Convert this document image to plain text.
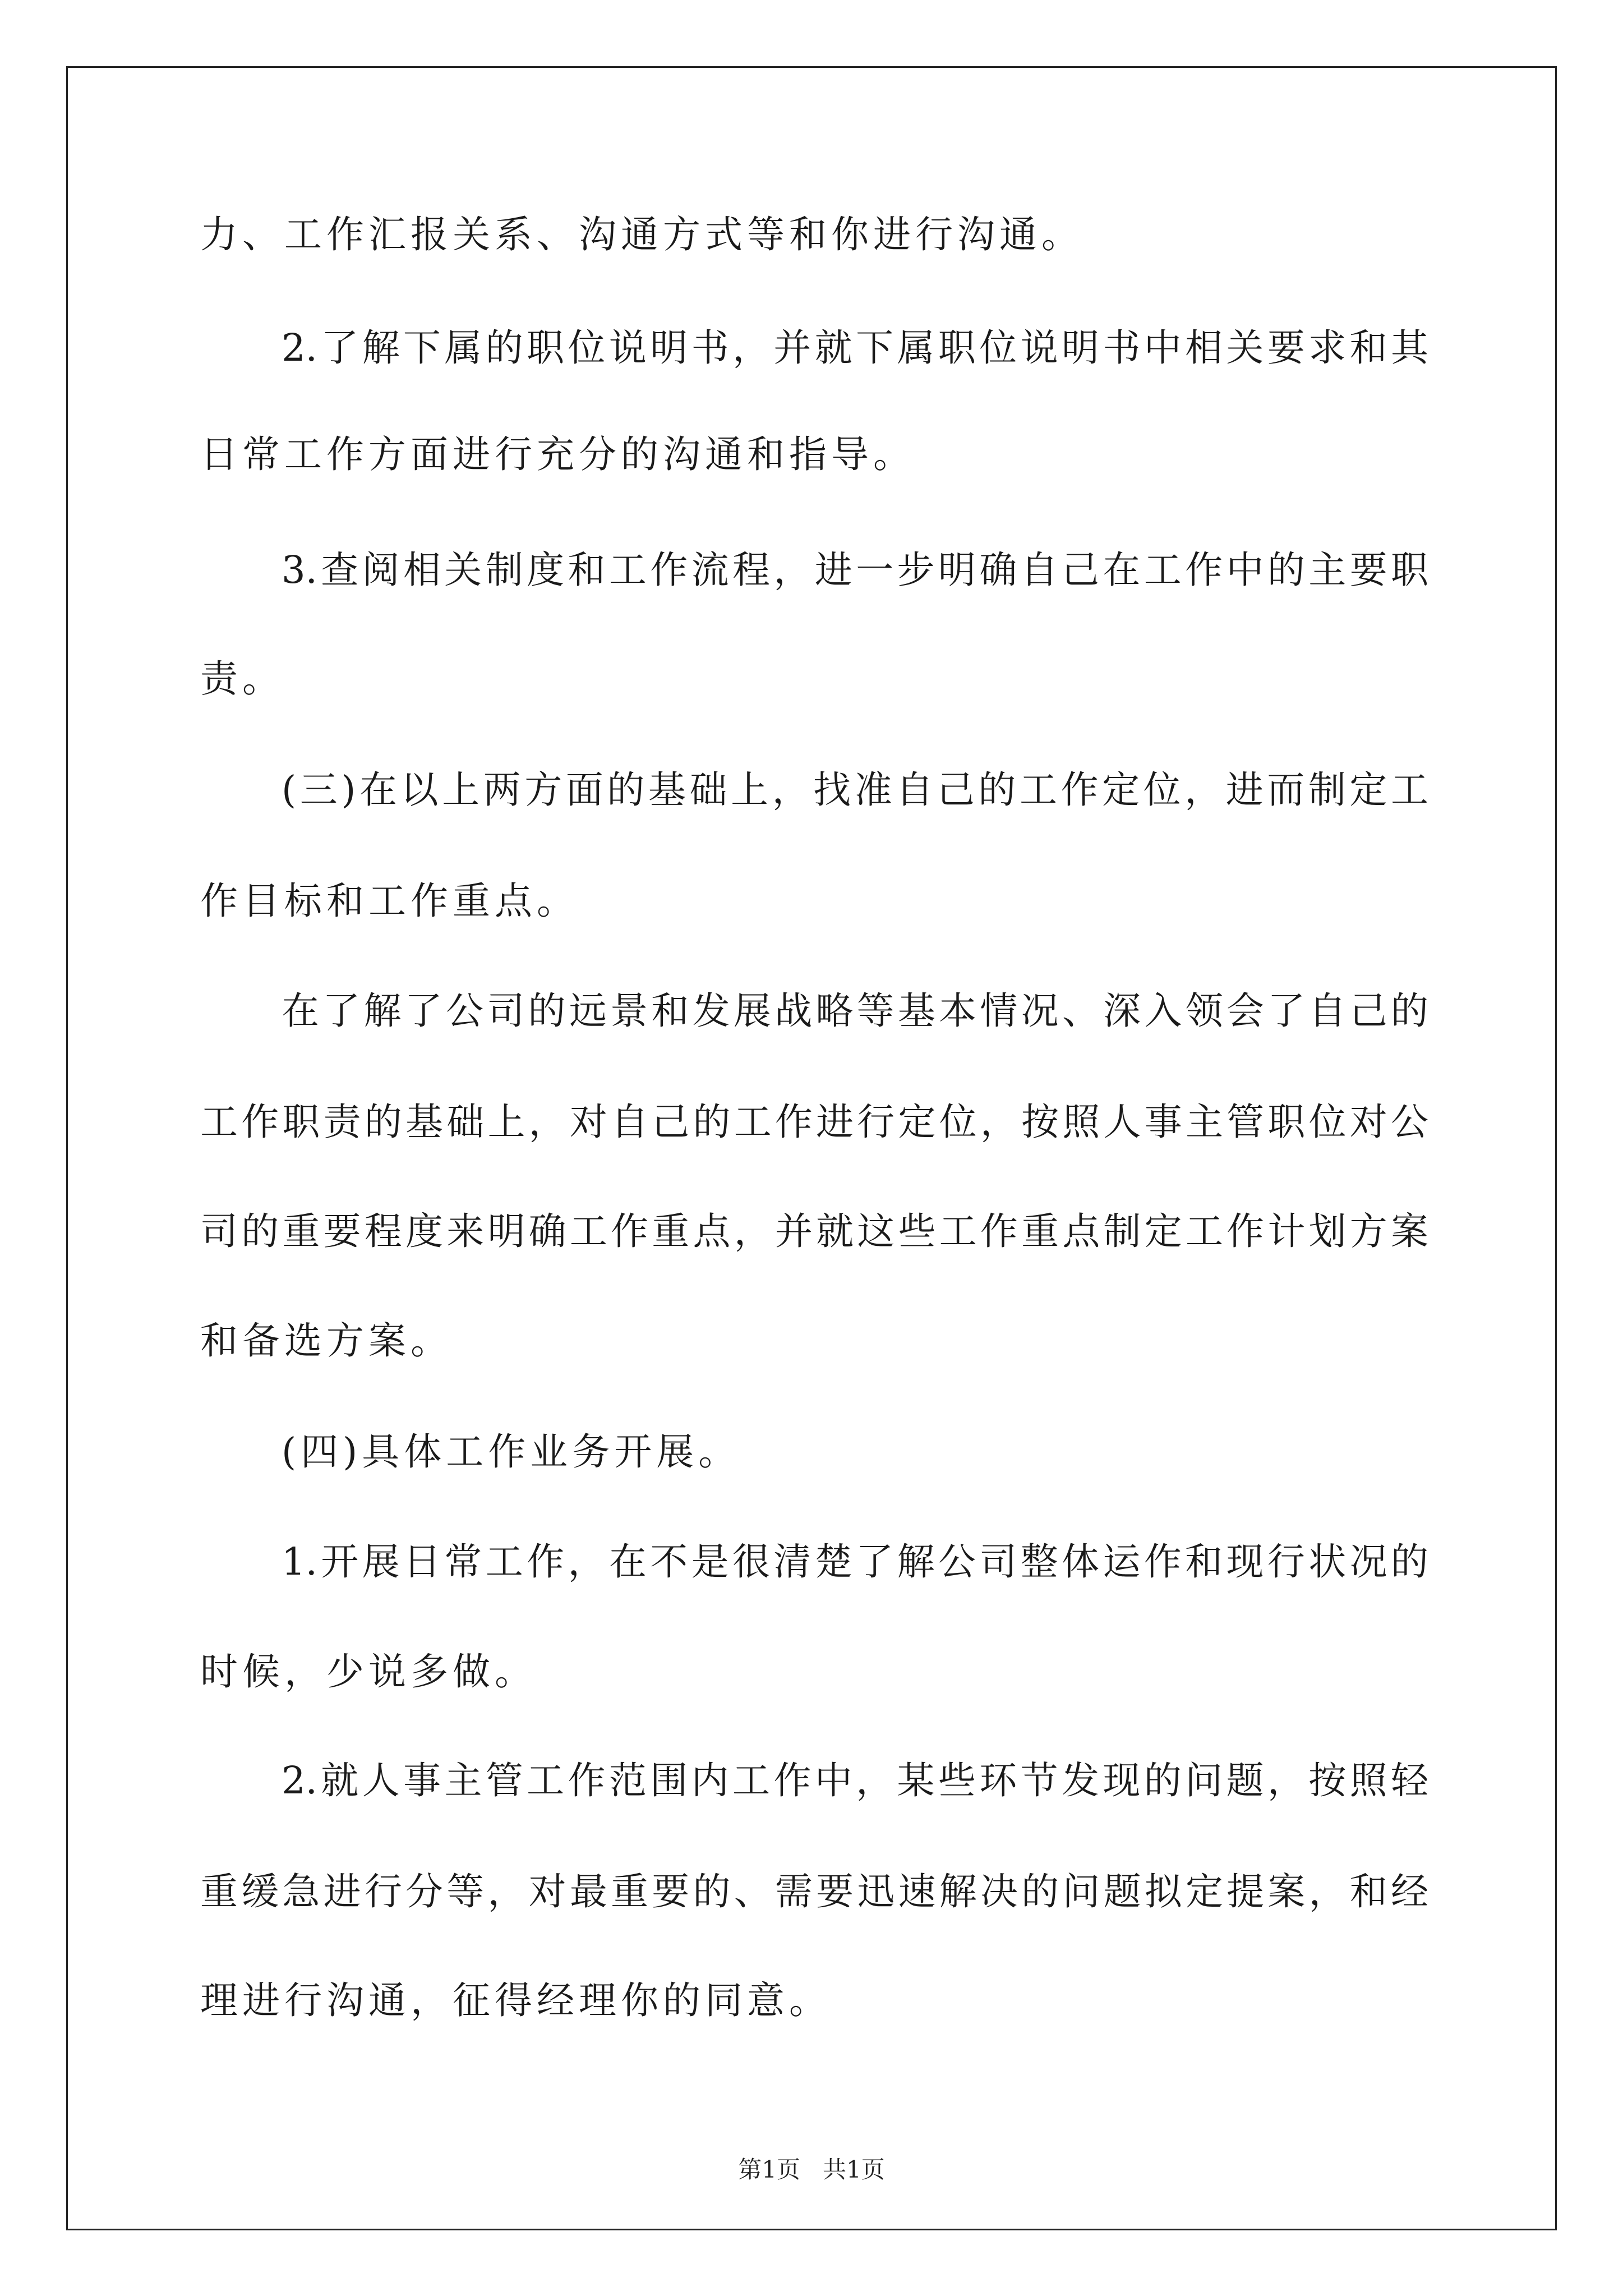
力、工作汇报关系、沟通方式等和你进行沟通。
2.了解下属的职位说明书，并就下属职位说明书中相关要求和其
日常工作方面进行充分的沟通和指导。
3.查阅相关制度和工作流程，进一步明确自己在工作中的主要职
责。
(三)在以上两方面的基础上，找准自己的工作定位，进而制定工
作目标和工作重点。
在了解了公司的远景和发展战略等基本情况、深入领会了自己的
工作职责的基础上，对自己的工作进行定位，按照人事主管职位对公
司的重要程度来明确工作重点，并就这些工作重点制定工作计划方案
和备选方案。
(四)具体工作业务开展。
1.开展日常工作，在不是很清楚了解公司整体运作和现行状况的
时候，少说多做。
2.就人事主管工作范围内工作中，某些环节发现的问题，按照轻
重缓急进行分等，对最重要的、需要迅速解决的问题拟定提案，和经
理进行沟通，征得经理你的同意。
第1页 共1页
